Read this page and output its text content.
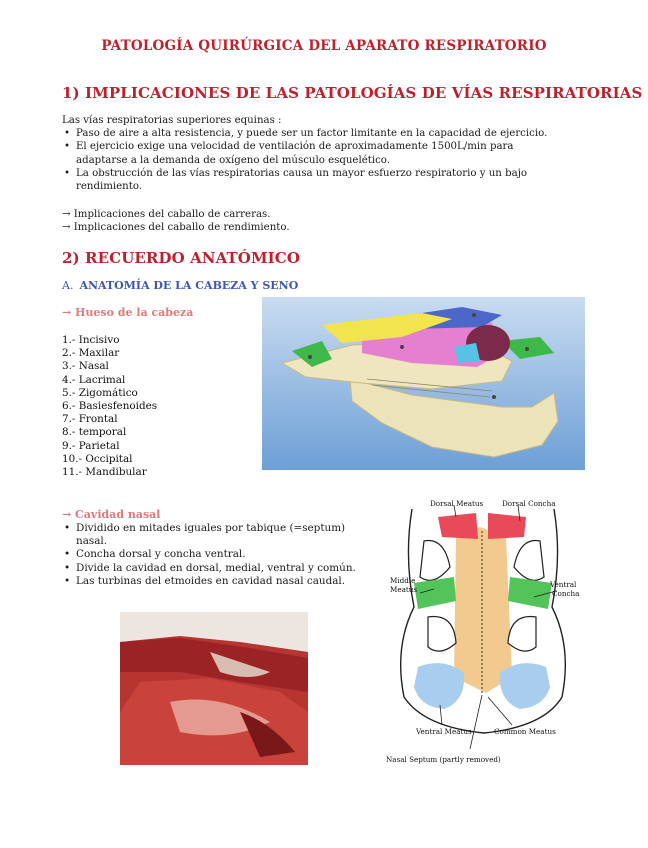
PATOLOGÍA QUIRÚRGICA DEL APARATO RESPIRATORIO
1) IMPLICACIONES DE LAS PATOLOGÍAS DE VÍAS RESPIRATORIAS
Las vías respiratorias superiores equinas :
• Paso de aire a alta resistencia, y puede ser un factor limitante en la capacidad de ejercicio.
• El ejercicio exige una velocidad de ventilación de aproximadamente 1500L/min para adaptarse a la demanda de oxígeno del músculo esquelético.
• La obstrucción de las vías respiratorias causa un mayor esfuerzo respiratorio y un bajo rendimiento.
→ Implicaciones del caballo de carreras.
→ Implicaciones del caballo de rendimiento.
2) RECUERDO ANATÓMICO
A. ANATOMÍA DE LA CABEZA Y SENO
→ Hueso de la cabeza
1.- Incisivo
2.- Maxilar
3.- Nasal
4.- Lacrimal
5.- Zigomático
6.- Basiesfenoides
7.- Frontal
8.- temporal
9.- Parietal
10.- Occipital
11.- Mandibular
→ Cavidad nasal
• Dividido en mitades iguales por tabique (=septum) nasal.
• Concha dorsal y concha ventral.
• Divide la cavidad en dorsal, medial, ventral y común.
• Las turbinas del etmoides en cavidad nasal caudal.
Dorsal Meatus	Dorsal Concha
Middle
Meatus
Ventral
Concha
Ventral Meatus	Common Meatus
Nasal Septum (partly removed)
